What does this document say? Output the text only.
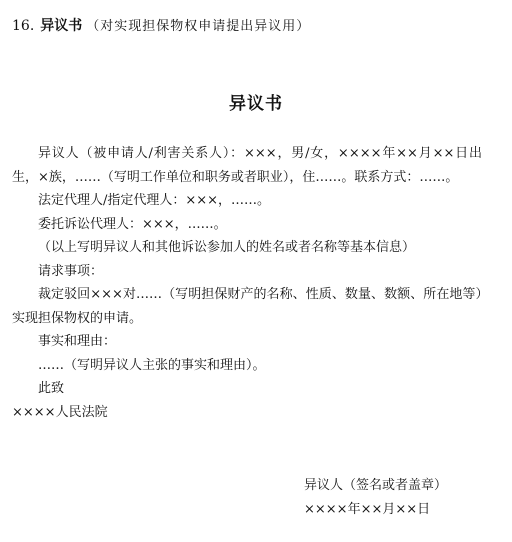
16. 异议书 （对实现担保物权申请提出异议用）
异议书

异议人（被申请人/利害关系人）：×××，男/女，××××年××月××日出生，×族，……（写明工作单位和职务或者职业），住……。联系方式：……。

法定代理人/指定代理人：×××，……。

委托诉讼代理人：×××，……。

（以上写明异议人和其他诉讼参加人的姓名或者名称等基本信息）

请求事项：

裁定驳回×××对……（写明担保财产的名称、性质、数量、数额、所在地等）实现担保物权的申请。

事实和理由：

……（写明异议人主张的事实和理由）。

此致

××××人民法院

异议人（签名或者盖章）
××××年××月××日
